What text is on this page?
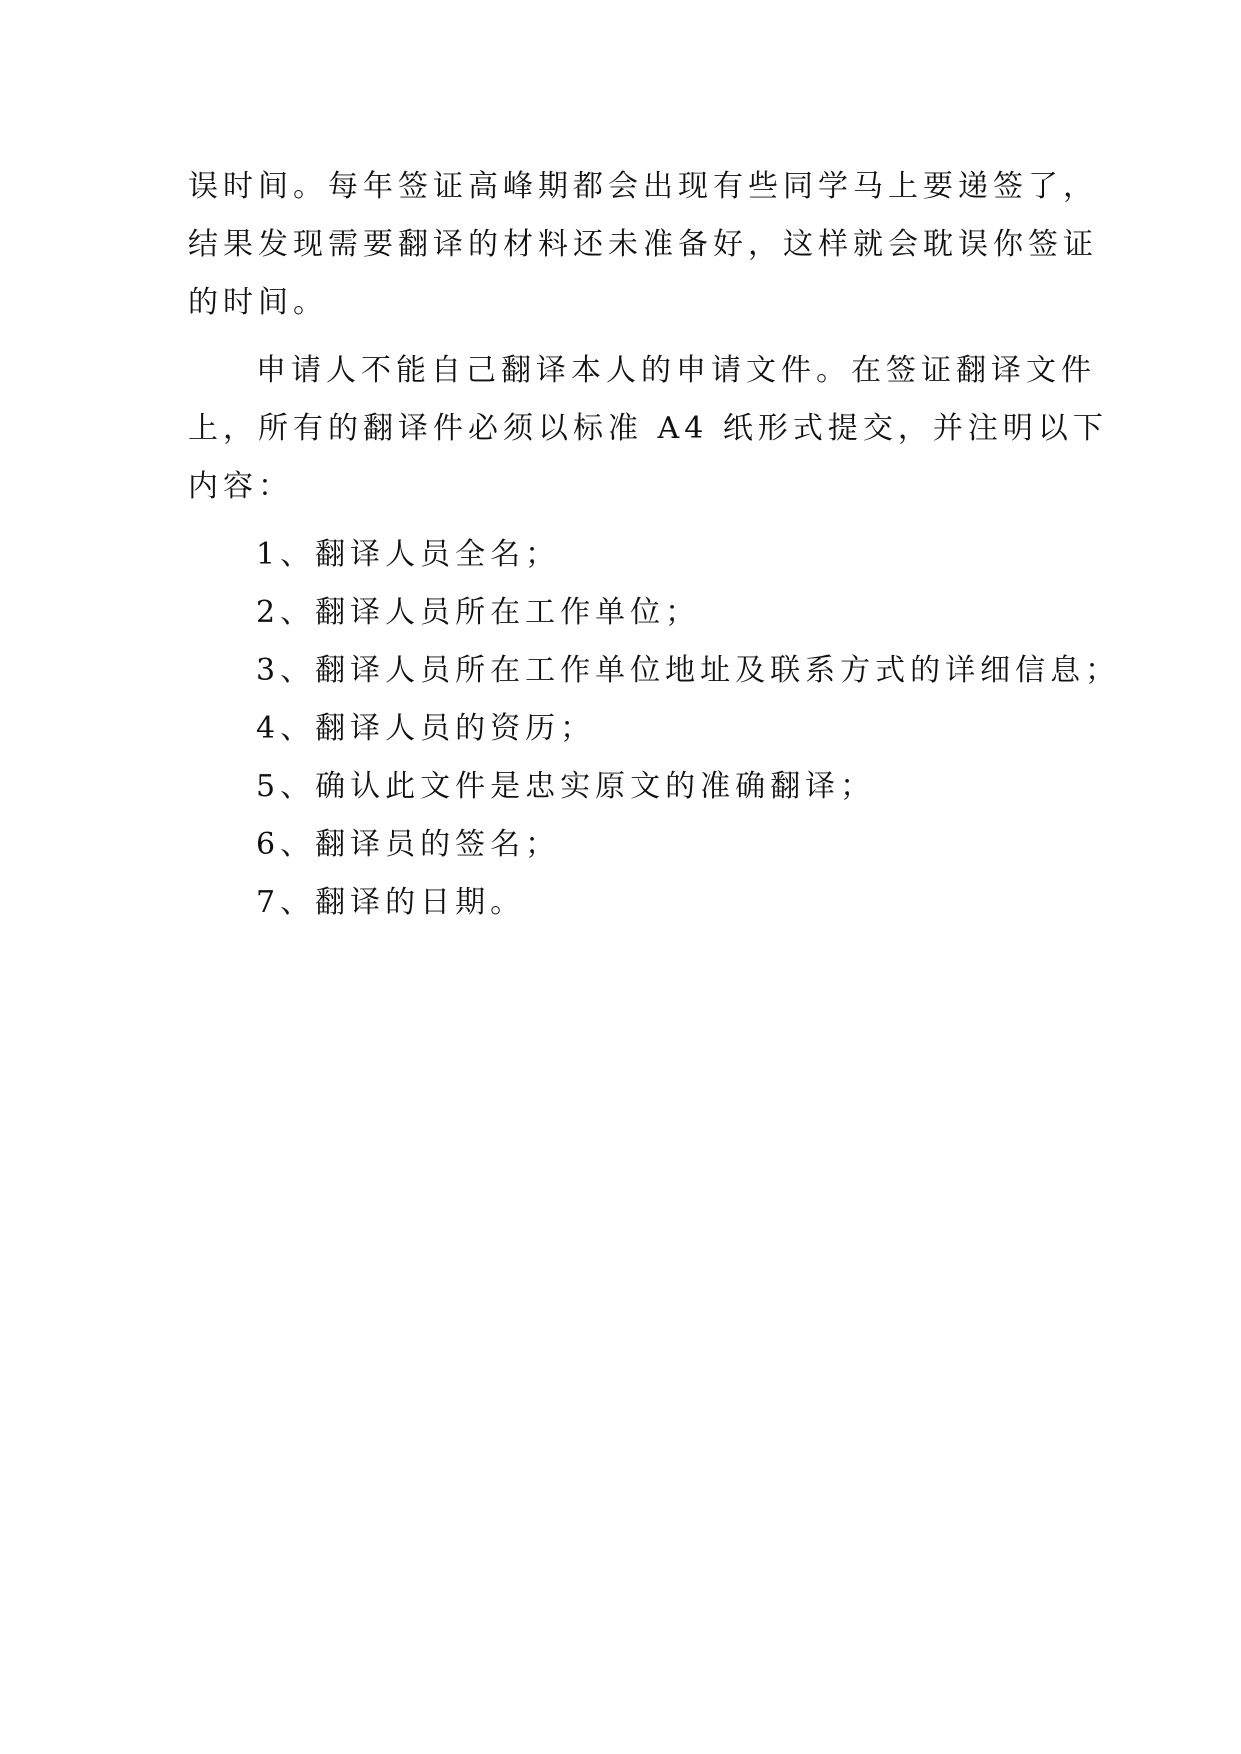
误时间。每年签证高峰期都会出现有些同学马上要递签了，
结果发现需要翻译的材料还未准备好，这样就会耽误你签证
的时间。
申请人不能自己翻译本人的申请文件。在签证翻译文件
上，所有的翻译件必须以标准 A4 纸形式提交，并注明以下
内容：
1、翻译人员全名；
2、翻译人员所在工作单位；
3、翻译人员所在工作单位地址及联系方式的详细信息；
4、翻译人员的资历；
5、确认此文件是忠实原文的准确翻译；
6、翻译员的签名；
7、翻译的日期。
